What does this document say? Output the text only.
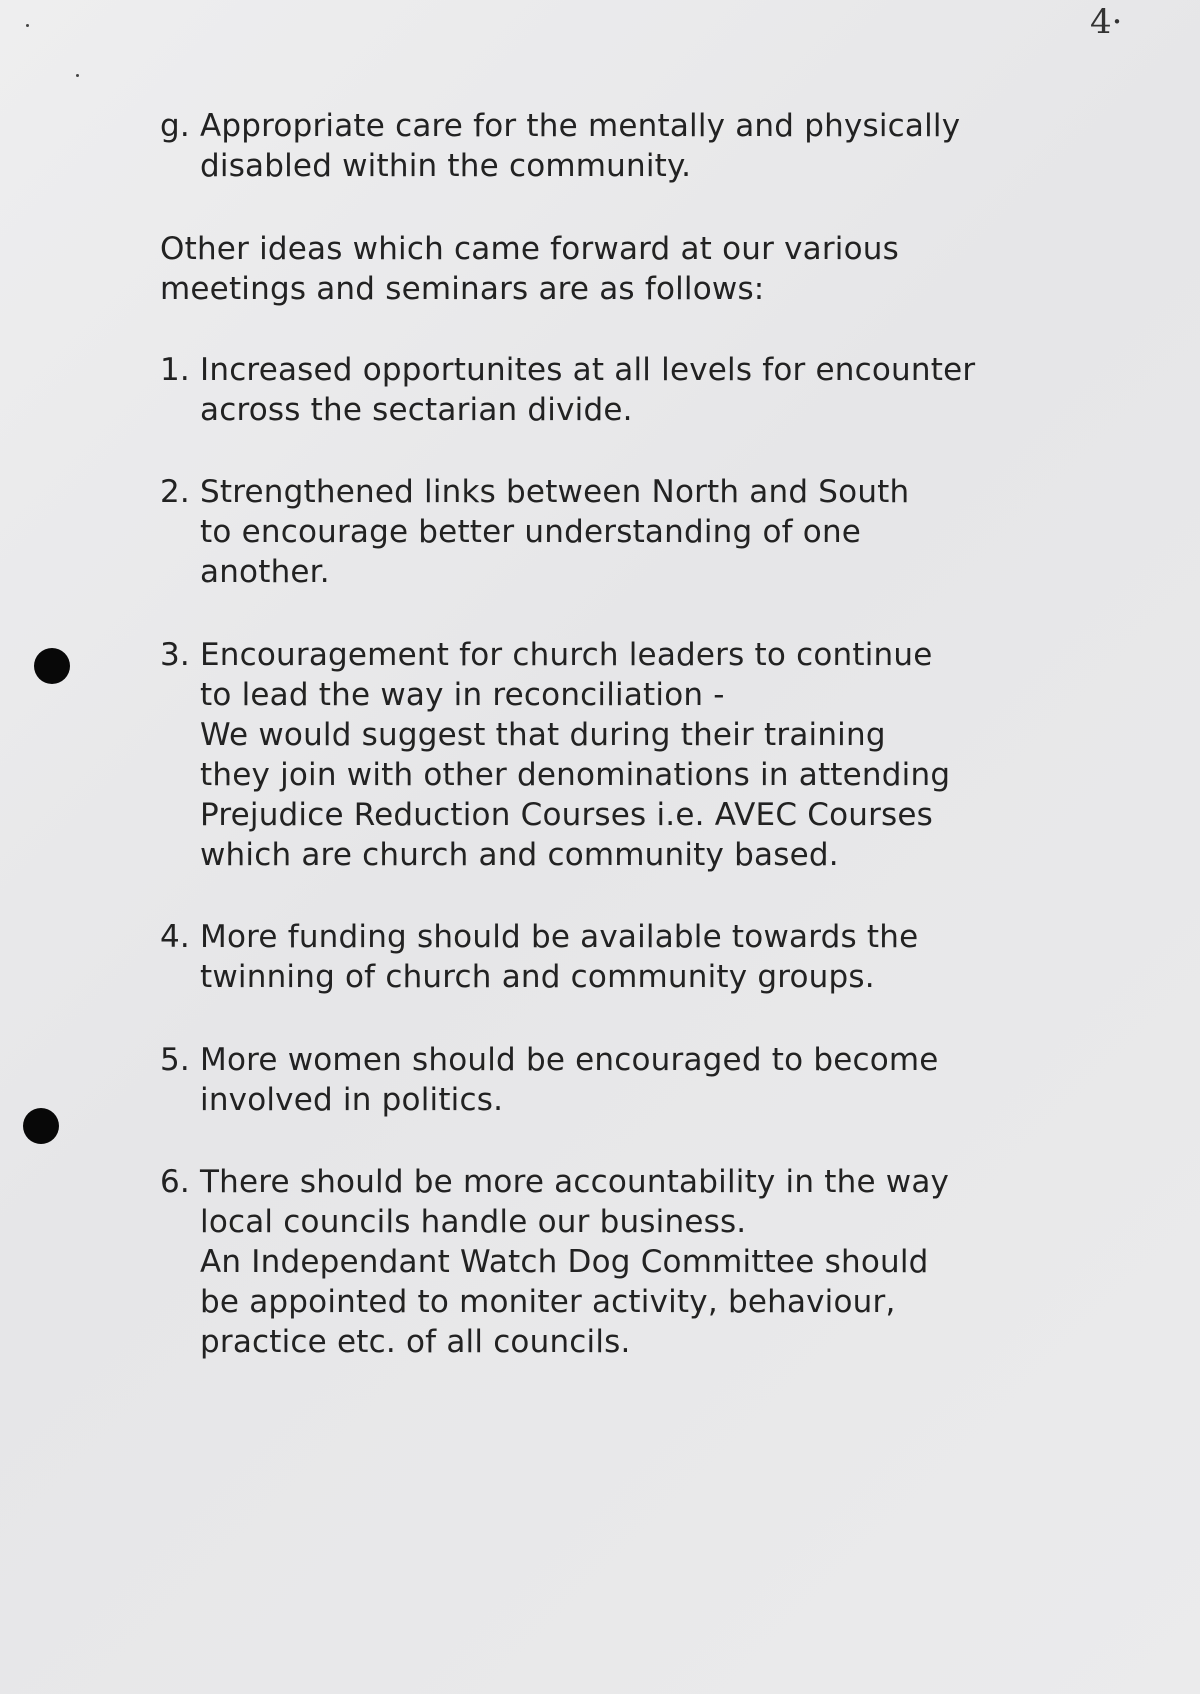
4·
g. Appropriate care for the mentally and physically
disabled within the community.
Other ideas which came forward at our various
meetings and seminars are as follows:
1. Increased opportunites at all levels for encounter
across the sectarian divide.
2. Strengthened links between North and South
to encourage better understanding of one
another.
3. Encouragement for church leaders to continue
to lead the way in reconciliation -
We would suggest that during their training
they join with other denominations in attending
Prejudice Reduction Courses i.e. AVEC Courses
which are church and community based.
4. More funding should be available towards the
twinning of church and community groups.
5. More women should be encouraged to become
involved in politics.
6. There should be more accountability in the way
local councils handle our business.
An Independant Watch Dog Committee should
be appointed to moniter activity, behaviour,
practice etc. of all councils.
